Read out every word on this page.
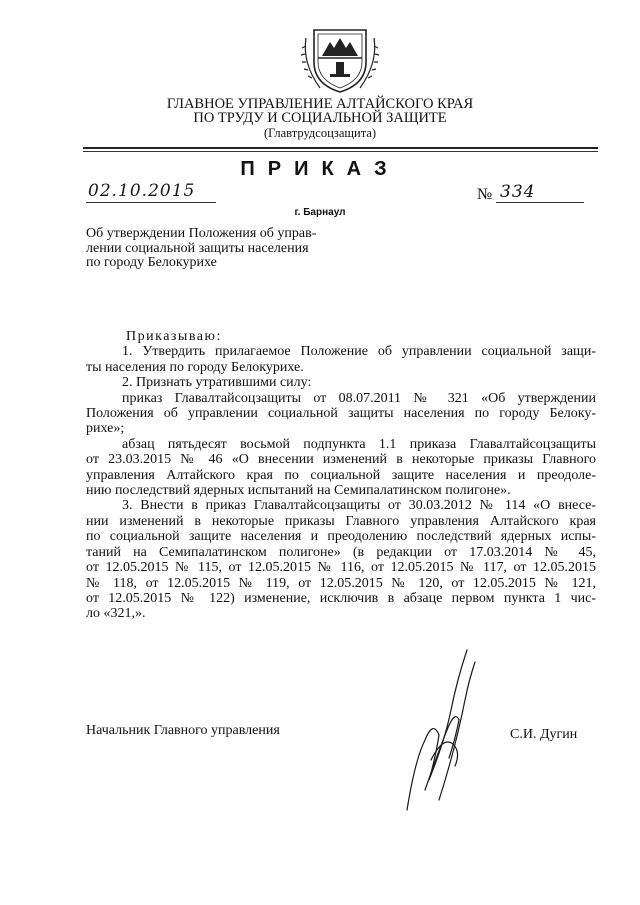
ГЛАВНОЕ УПРАВЛЕНИЕ АЛТАЙСКОГО КРАЯ
ПО ТРУДУ И СОЦИАЛЬНОЙ ЗАЩИТЕ
(Главтрудсоцзащита)
ПРИКАЗ
02.10.2015	№ 334
г. Барнаул
Об утверждении Положения об управ-
лении социальной защиты населения
по городу Белокурихе
Приказываю:
1. Утвердить прилагаемое Положение об управлении социальной защи-
ты населения по городу Белокурихе.
2. Признать утратившими силу:
приказ Главалтайсоцзащиты от 08.07.2011 № 321 «Об утверждении
Положения об управлении социальной защиты населения по городу Белоку-
рихе»;
абзац пятьдесят восьмой подпункта 1.1 приказа Главалтайсоцзащиты
от 23.03.2015 № 46 «О внесении изменений в некоторые приказы Главного
управления Алтайского края по социальной защите населения и преодоле-
нию последствий ядерных испытаний на Семипалатинском полигоне».
3. Внести в приказ Главалтайсоцзащиты от 30.03.2012 № 114 «О внесе-
нии изменений в некоторые приказы Главного управления Алтайского края
по социальной защите населения и преодолению последствий ядерных испы-
таний на Семипалатинском полигоне» (в редакции от 17.03.2014 № 45,
от 12.05.2015 № 115, от 12.05.2015 № 116, от 12.05.2015 № 117, от 12.05.2015
№ 118, от 12.05.2015 № 119, от 12.05.2015 № 120, от 12.05.2015 № 121,
от 12.05.2015 № 122) изменение, исключив в абзаце первом пункта 1 чис-
ло «321,».
Начальник Главного управления	С.И. Дугин
